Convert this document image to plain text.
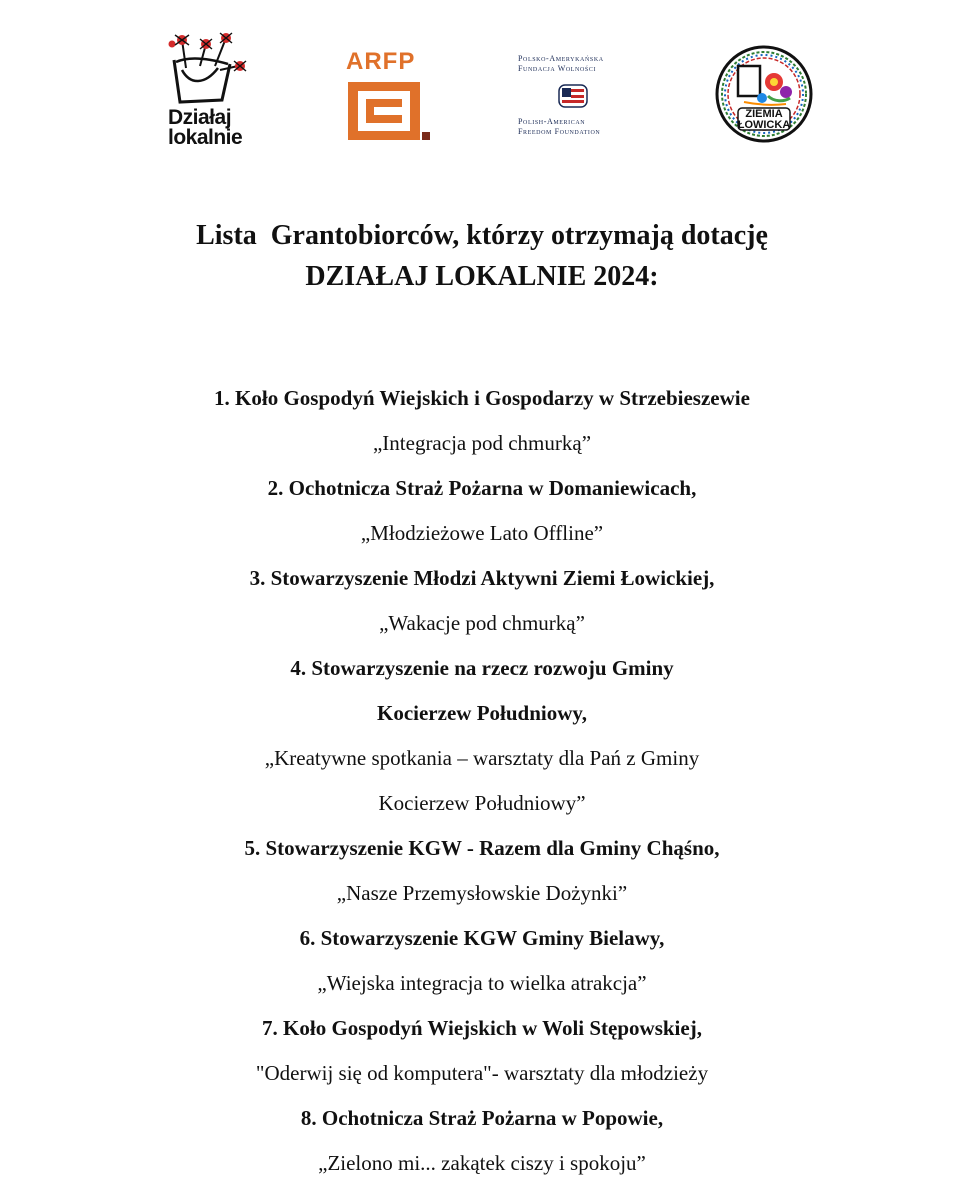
Działaj
lokalnie
ARFP	Polsko-Amerykańska
Fundacja Wolności
Polish-American
Freedom Foundation
ZIEMIA
ŁOWICKA
Lista  Grantobiorców, którzy otrzymają dotację
DZIAŁAJ LOKALNIE 2024:
1. Koło Gospodyń Wiejskich i Gospodarzy w Strzebieszewie
„Integracja pod chmurką”
2. Ochotnicza Straż Pożarna w Domaniewicach,
„Młodzieżowe Lato Offline”
3. Stowarzyszenie Młodzi Aktywni Ziemi Łowickiej,
„Wakacje pod chmurką”
4. Stowarzyszenie na rzecz rozwoju Gminy
Kocierzew Południowy,
„Kreatywne spotkania – warsztaty dla Pań z Gminy
Kocierzew Południowy”
5. Stowarzyszenie KGW - Razem dla Gminy Chąśno,
„Nasze Przemysłowskie Dożynki”
6. Stowarzyszenie KGW Gminy Bielawy,
„Wiejska integracja to wielka atrakcja”
7. Koło Gospodyń Wiejskich w Woli Stępowskiej,
"Oderwij się od komputera"- warsztaty dla młodzieży
8. Ochotnicza Straż Pożarna w Popowie,
„Zielono mi... zakątek ciszy i spokoju”
